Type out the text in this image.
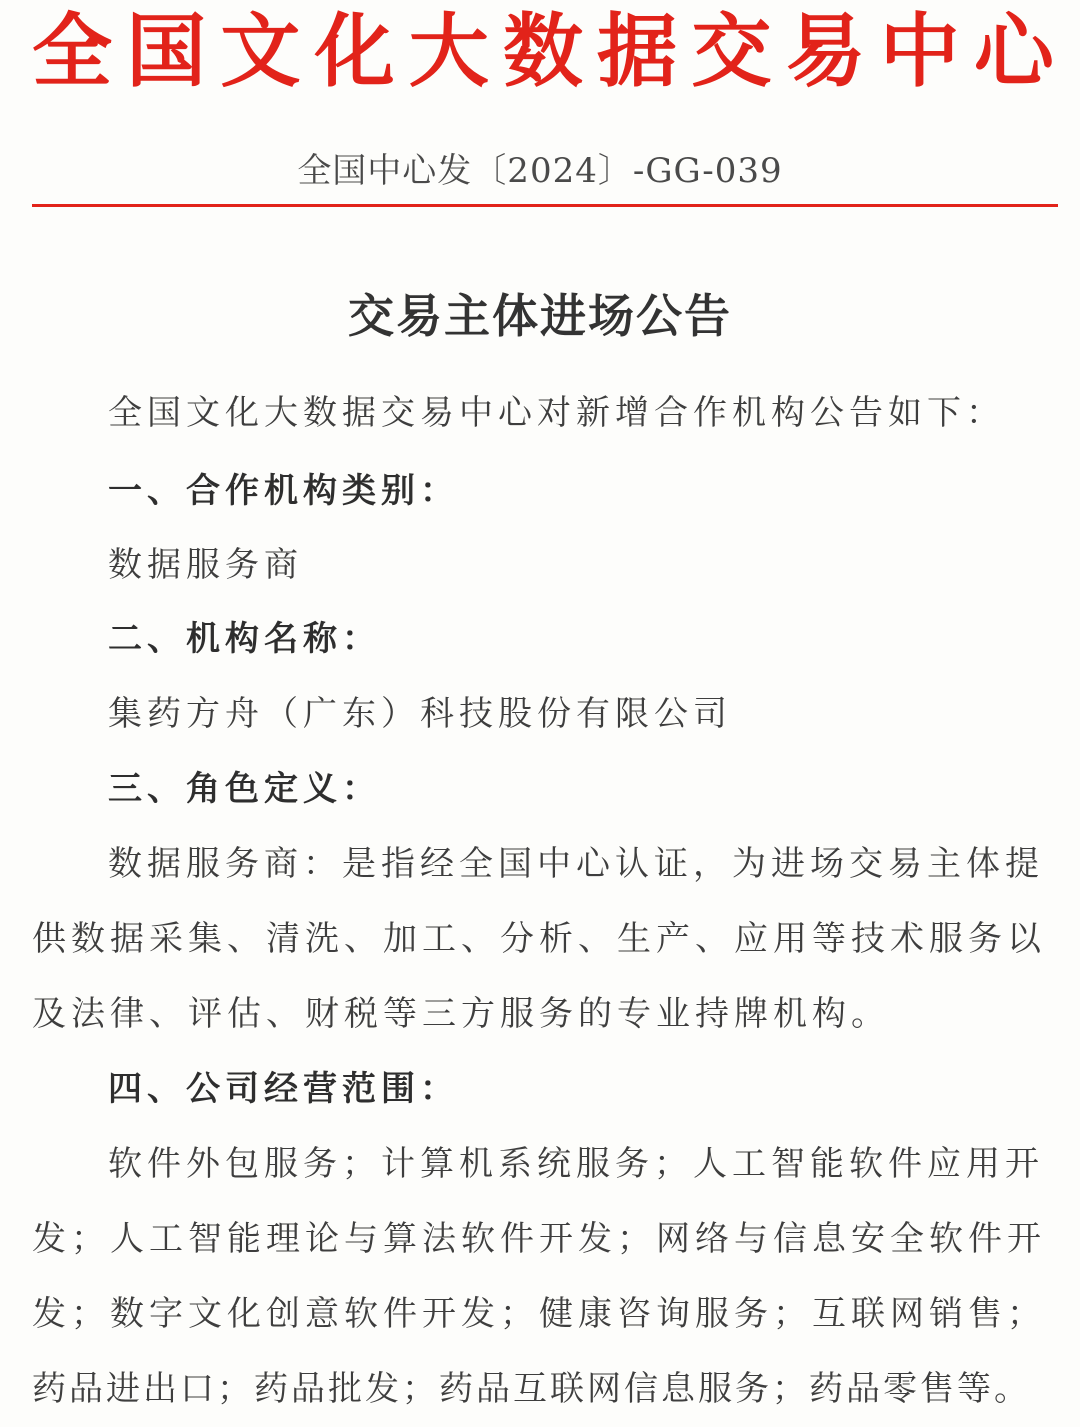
全 国 文 化 大 数 据 交 易 中 心
全国中心发〔2024〕-GG-039
交易主体进场公告
全国文化大数据交易中心对新增合作机构公告如下：
一、合作机构类别：
数据服务商
二、机构名称：
集药方舟（广东）科技股份有限公司
三、角色定义：
数据服务商：是指经全国中心认证，为进场交易主体提
供数据采集、清洗、加工、分析、生产、应用等技术服务以
及法律、评估、财税等三方服务的专业持牌机构。
四、公司经营范围：
软件外包服务；计算机系统服务；人工智能软件应用开
发；人工智能理论与算法软件开发；网络与信息安全软件开
发；数字文化创意软件开发；健康咨询服务；互联网销售；
药品进出口；药品批发；药品互联网信息服务；药品零售等。
